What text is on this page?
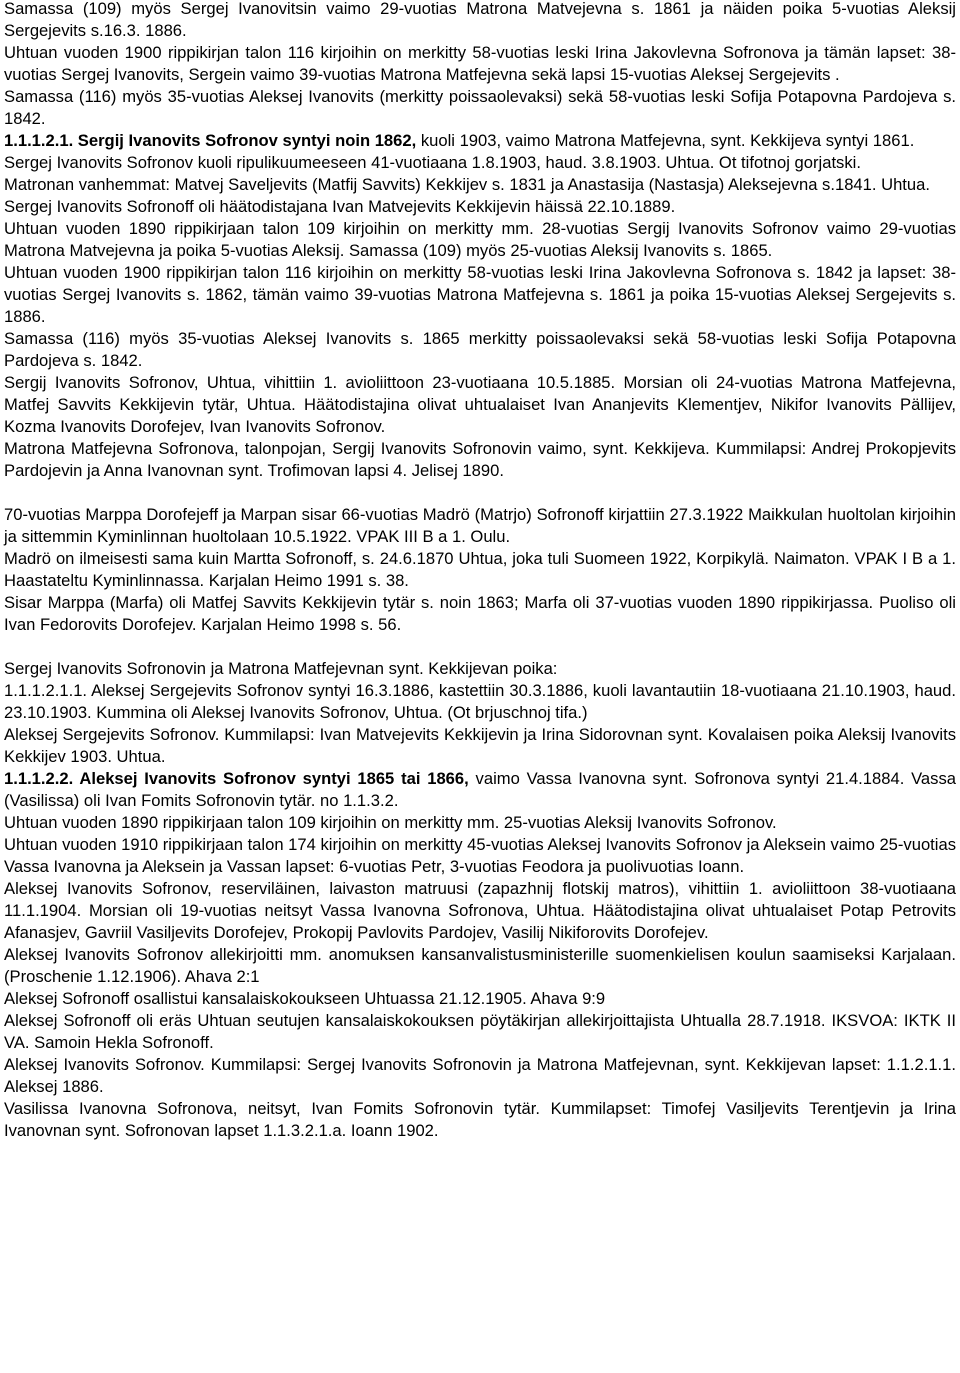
Samassa (109) myös Sergej Ivanovitsin vaimo 29-vuotias Matrona Matvejevna s. 1861 ja näiden poika 5-vuotias Aleksij Sergejevits s.16.3. 1886.

Uhtuan vuoden 1900 rippikirjan talon 116 kirjoihin on merkitty 58-vuotias leski Irina Jakovlevna Sofronova ja tämän lapset: 38-vuotias Sergej Ivanovits, Sergein vaimo 39-vuotias Matrona Matfejevna sekä lapsi 15-vuotias Aleksej Sergejevits .

Samassa (116) myös 35-vuotias Aleksej Ivanovits (merkitty poissaolevaksi) sekä 58-vuotias leski Sofija Potapovna Pardojeva s. 1842.

1.1.1.2.1. Sergij Ivanovits Sofronov syntyi noin 1862, kuoli 1903, vaimo Matrona Matfejevna, synt. Kekkijeva syntyi 1861.

Sergej Ivanovits Sofronov kuoli ripulikuumeeseen 41-vuotiaana 1.8.1903, haud. 3.8.1903. Uhtua. Ot tifotnoj gorjatski.

Matronan vanhemmat: Matvej Saveljevits (Matfij Savvits) Kekkijev s. 1831 ja Anastasija (Nastasja) Aleksejevna s.1841. Uhtua.

Sergej Ivanovits Sofronoff oli häätodistajana Ivan Matvejevits Kekkijevin häissä 22.10.1889.

Uhtuan vuoden 1890 rippikirjaan talon 109 kirjoihin on merkitty mm. 28-vuotias Sergij Ivanovits Sofronov vaimo 29-vuotias Matrona Matvejevna ja poika 5-vuotias Aleksij. Samassa (109) myös 25-vuotias Aleksij Ivanovits s. 1865.

Uhtuan vuoden 1900 rippikirjan talon 116 kirjoihin on merkitty 58-vuotias leski Irina Jakovlevna Sofronova s. 1842 ja lapset: 38-vuotias Sergej Ivanovits s. 1862, tämän vaimo 39-vuotias Matrona Matfejevna s. 1861 ja poika 15-vuotias Aleksej Sergejevits s. 1886.

Samassa (116) myös 35-vuotias Aleksej Ivanovits s. 1865 merkitty poissaolevaksi sekä 58-vuotias leski Sofija Potapovna Pardojeva s. 1842.

Sergij Ivanovits Sofronov, Uhtua, vihittiin 1. avioliittoon 23-vuotiaana 10.5.1885. Morsian oli 24-vuotias Matrona Matfejevna, Matfej Savvits Kekkijevin tytär, Uhtua. Häätodistajina olivat uhtualaiset Ivan Ananjevits Klementjev, Nikifor Ivanovits Pällijev, Kozma Ivanovits Dorofejev, Ivan Ivanovits Sofronov.

Matrona Matfejevna Sofronova, talonpojan, Sergij Ivanovits Sofronovin vaimo, synt. Kekkijeva. Kummilapsi: Andrej Prokopjevits Pardojevin ja Anna Ivanovnan synt. Trofimovan lapsi 4. Jelisej 1890.

70-vuotias Marppa Dorofejeff ja Marpan sisar 66-vuotias Madrö (Matrjo) Sofronoff kirjattiin 27.3.1922 Maikkulan huoltolan kirjoihin ja sittemmin Kyminlinnan huoltolaan 10.5.1922. VPAK III B a 1. Oulu.

Madrö on ilmeisesti sama kuin Martta Sofronoff, s. 24.6.1870 Uhtua, joka tuli Suomeen 1922, Korpikylä. Naimaton. VPAK I B a 1. Haastateltu Kyminlinnassa. Karjalan Heimo 1991 s. 38.

Sisar Marppa (Marfa) oli Matfej Savvits Kekkijevin tytär s. noin 1863; Marfa oli 37-vuotias vuoden 1890 rippikirjassa. Puoliso oli Ivan Fedorovits Dorofejev. Karjalan Heimo 1998 s. 56.

Sergej Ivanovits Sofronovin ja Matrona Matfejevnan synt. Kekkijevan poika:

1.1.1.2.1.1. Aleksej Sergejevits Sofronov syntyi 16.3.1886, kastettiin 30.3.1886, kuoli lavantautiin 18-vuotiaana 21.10.1903, haud. 23.10.1903. Kummina oli Aleksej Ivanovits Sofronov, Uhtua. (Ot brjuschnoj tifa.)

Aleksej Sergejevits Sofronov. Kummilapsi: Ivan Matvejevits Kekkijevin ja Irina Sidorovnan synt. Kovalaisen poika Aleksij Ivanovits Kekkijev 1903. Uhtua.

1.1.1.2.2. Aleksej Ivanovits Sofronov syntyi 1865 tai 1866, vaimo Vassa Ivanovna synt. Sofronova syntyi 21.4.1884. Vassa (Vasilissa) oli Ivan Fomits Sofronovin tytär. no 1.1.3.2.

Uhtuan vuoden 1890 rippikirjaan talon 109 kirjoihin on merkitty mm. 25-vuotias Aleksij Ivanovits Sofronov.

Uhtuan vuoden 1910 rippikirjaan talon 174 kirjoihin on merkitty 45-vuotias Aleksej Ivanovits Sofronov ja Aleksein vaimo 25-vuotias Vassa Ivanovna ja Aleksein ja Vassan lapset: 6-vuotias Petr, 3-vuotias Feodora ja puolivuotias Ioann.

Aleksej Ivanovits Sofronov, reserviläinen, laivaston matruusi (zapazhnij flotskij matros), vihittiin 1. avioliittoon 38-vuotiaana 11.1.1904. Morsian oli 19-vuotias neitsyt Vassa Ivanovna Sofronova, Uhtua. Häätodistajina olivat uhtualaiset Potap Petrovits Afanasjev, Gavriil Vasiljevits Dorofejev, Prokopij Pavlovits Pardojev, Vasilij Nikiforovits Dorofejev.

Aleksej Ivanovits Sofronov allekirjoitti mm. anomuksen kansanvalistusministerille suomenkielisen koulun saamiseksi Karjalaan. (Proschenie 1.12.1906). Ahava 2:1

Aleksej Sofronoff osallistui kansalaiskokoukseen Uhtuassa 21.12.1905. Ahava 9:9

Aleksej Sofronoff oli eräs Uhtuan seutujen kansalaiskokouksen pöytäkirjan allekirjoittajista Uhtualla 28.7.1918. IKSVOA: IKTK II VA. Samoin Hekla Sofronoff.

Aleksej Ivanovits Sofronov. Kummilapsi: Sergej Ivanovits Sofronovin ja Matrona Matfejevnan, synt. Kekkijevan lapset: 1.1.2.1.1. Aleksej 1886.

Vasilissa Ivanovna Sofronova, neitsyt, Ivan Fomits Sofronovin tytär. Kummilapset: Timofej Vasiljevits Terentjevin ja Irina Ivanovnan synt. Sofronovan lapset 1.1.3.2.1.a. Ioann 1902.
